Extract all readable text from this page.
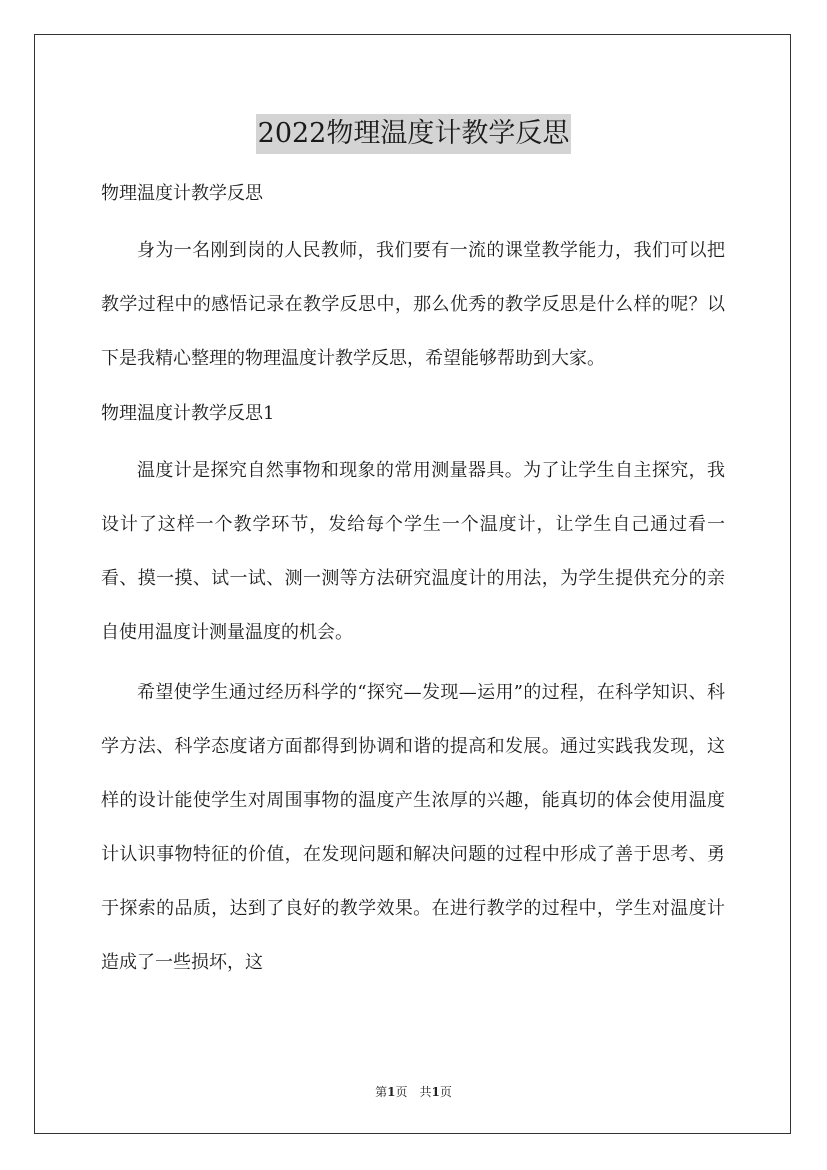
2022物理温度计教学反思

物理温度计教学反思

身为一名刚到岗的人民教师，我们要有一流的课堂教学能力，我们可以把教学过程中的感悟记录在教学反思中，那么优秀的教学反思是什么样的呢？以下是我精心整理的物理温度计教学反思，希望能够帮助到大家。

物理温度计教学反思1

温度计是探究自然事物和现象的常用测量器具。为了让学生自主探究，我设计了这样一个教学环节，发给每个学生一个温度计，让学生自己通过看一看、摸一摸、试一试、测一测等方法研究温度计的用法，为学生提供充分的亲自使用温度计测量温度的机会。

希望使学生通过经历科学的“探究—发现—运用”的过程，在科学知识、科学方法、科学态度诸方面都得到协调和谐的提高和发展。通过实践我发现，这样的设计能使学生对周围事物的温度产生浓厚的兴趣，能真切的体会使用温度计认识事物特征的价值，在发现问题和解决问题的过程中形成了善于思考、勇于探索的品质，达到了良好的教学效果。在进行教学的过程中，学生对温度计造成了一些损坏，这

第1页　共1页
